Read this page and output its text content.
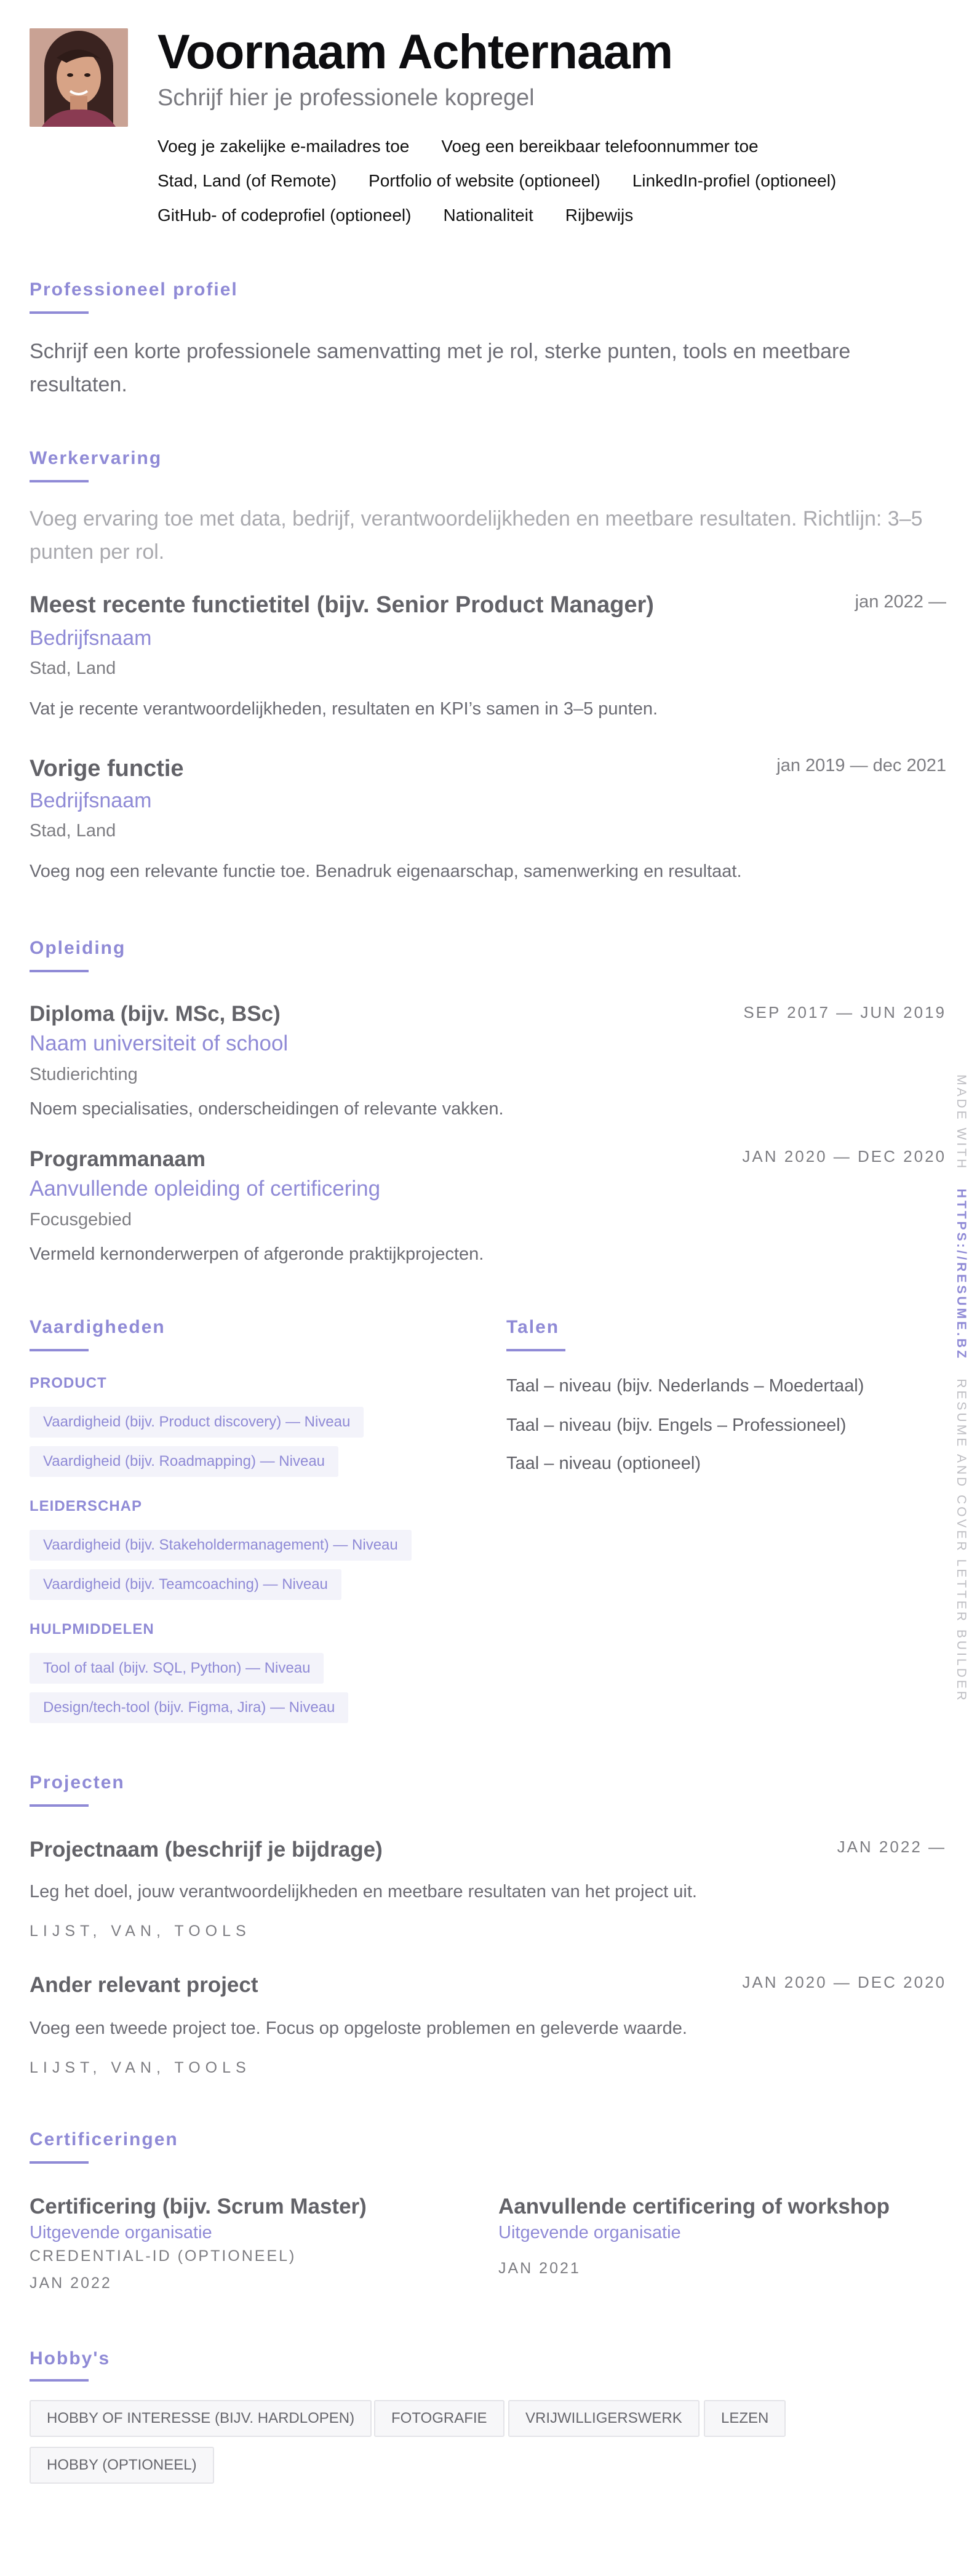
Voornaam Achternaam
Schrijf hier je professionele kopregel
Voeg je zakelijke e-mailadres toe Voeg een bereikbaar telefoonnummer toe
Stad, Land (of Remote) Portfolio of website (optioneel) LinkedIn-profiel (optioneel)
GitHub- of codeprofiel (optioneel) Nationaliteit Rijbewijs
Professioneel profiel
Schrijf een korte professionele samenvatting met je rol, sterke punten, tools en meetbare resultaten.
Werkervaring
Voeg ervaring toe met data, bedrijf, verantwoordelijkheden en meetbare resultaten. Richtlijn: 3–5 punten per rol.
Meest recente functietitel (bijv. Senior Product Manager)	jan 2022 —
Bedrijfsnaam
Stad, Land
Vat je recente verantwoordelijkheden, resultaten en KPI’s samen in 3–5 punten.
Vorige functie	jan 2019 — dec 2021
Bedrijfsnaam
Stad, Land
Voeg nog een relevante functie toe. Benadruk eigenaarschap, samenwerking en resultaat.
Opleiding
Diploma (bijv. MSc, BSc)	SEP 2017 — JUN 2019
Naam universiteit of school
Studierichting
Noem specialisaties, onderscheidingen of relevante vakken.
Programmanaam	JAN 2020 — DEC 2020
Aanvullende opleiding of certificering
Focusgebied
Vermeld kernonderwerpen of afgeronde praktijkprojecten.
Vaardigheden
PRODUCT
Vaardigheid (bijv. Product discovery) — Niveau
Vaardigheid (bijv. Roadmapping) — Niveau
LEIDERSCHAP
Vaardigheid (bijv. Stakeholdermanagement) — Niveau
Vaardigheid (bijv. Teamcoaching) — Niveau
HULPMIDDELEN
Tool of taal (bijv. SQL, Python) — Niveau
Design/tech-tool (bijv. Figma, Jira) — Niveau
Talen
Taal – niveau (bijv. Nederlands – Moedertaal)
Taal – niveau (bijv. Engels – Professioneel)
Taal – niveau (optioneel)
Projecten
Projectnaam (beschrijf je bijdrage)	JAN 2022 —
Leg het doel, jouw verantwoordelijkheden en meetbare resultaten van het project uit.
LIJST, VAN, TOOLS
Ander relevant project	JAN 2020 — DEC 2020
Voeg een tweede project toe. Focus op opgeloste problemen en geleverde waarde.
LIJST, VAN, TOOLS
Certificeringen
Certificering (bijv. Scrum Master)
Uitgevende organisatie
CREDENTIAL-ID (OPTIONEEL)
JAN 2022
Aanvullende certificering of workshop
Uitgevende organisatie
JAN 2021
Hobby's
HOBBY OF INTERESSE (BIJV. HARDLOPEN)	FOTOGRAFIE	VRIJWILLIGERSWERK	LEZEN
HOBBY (OPTIONEEL)
MADE WITH   HTTPS://RESUME.BZ   RESUME AND COVER LETTER BUILDER
